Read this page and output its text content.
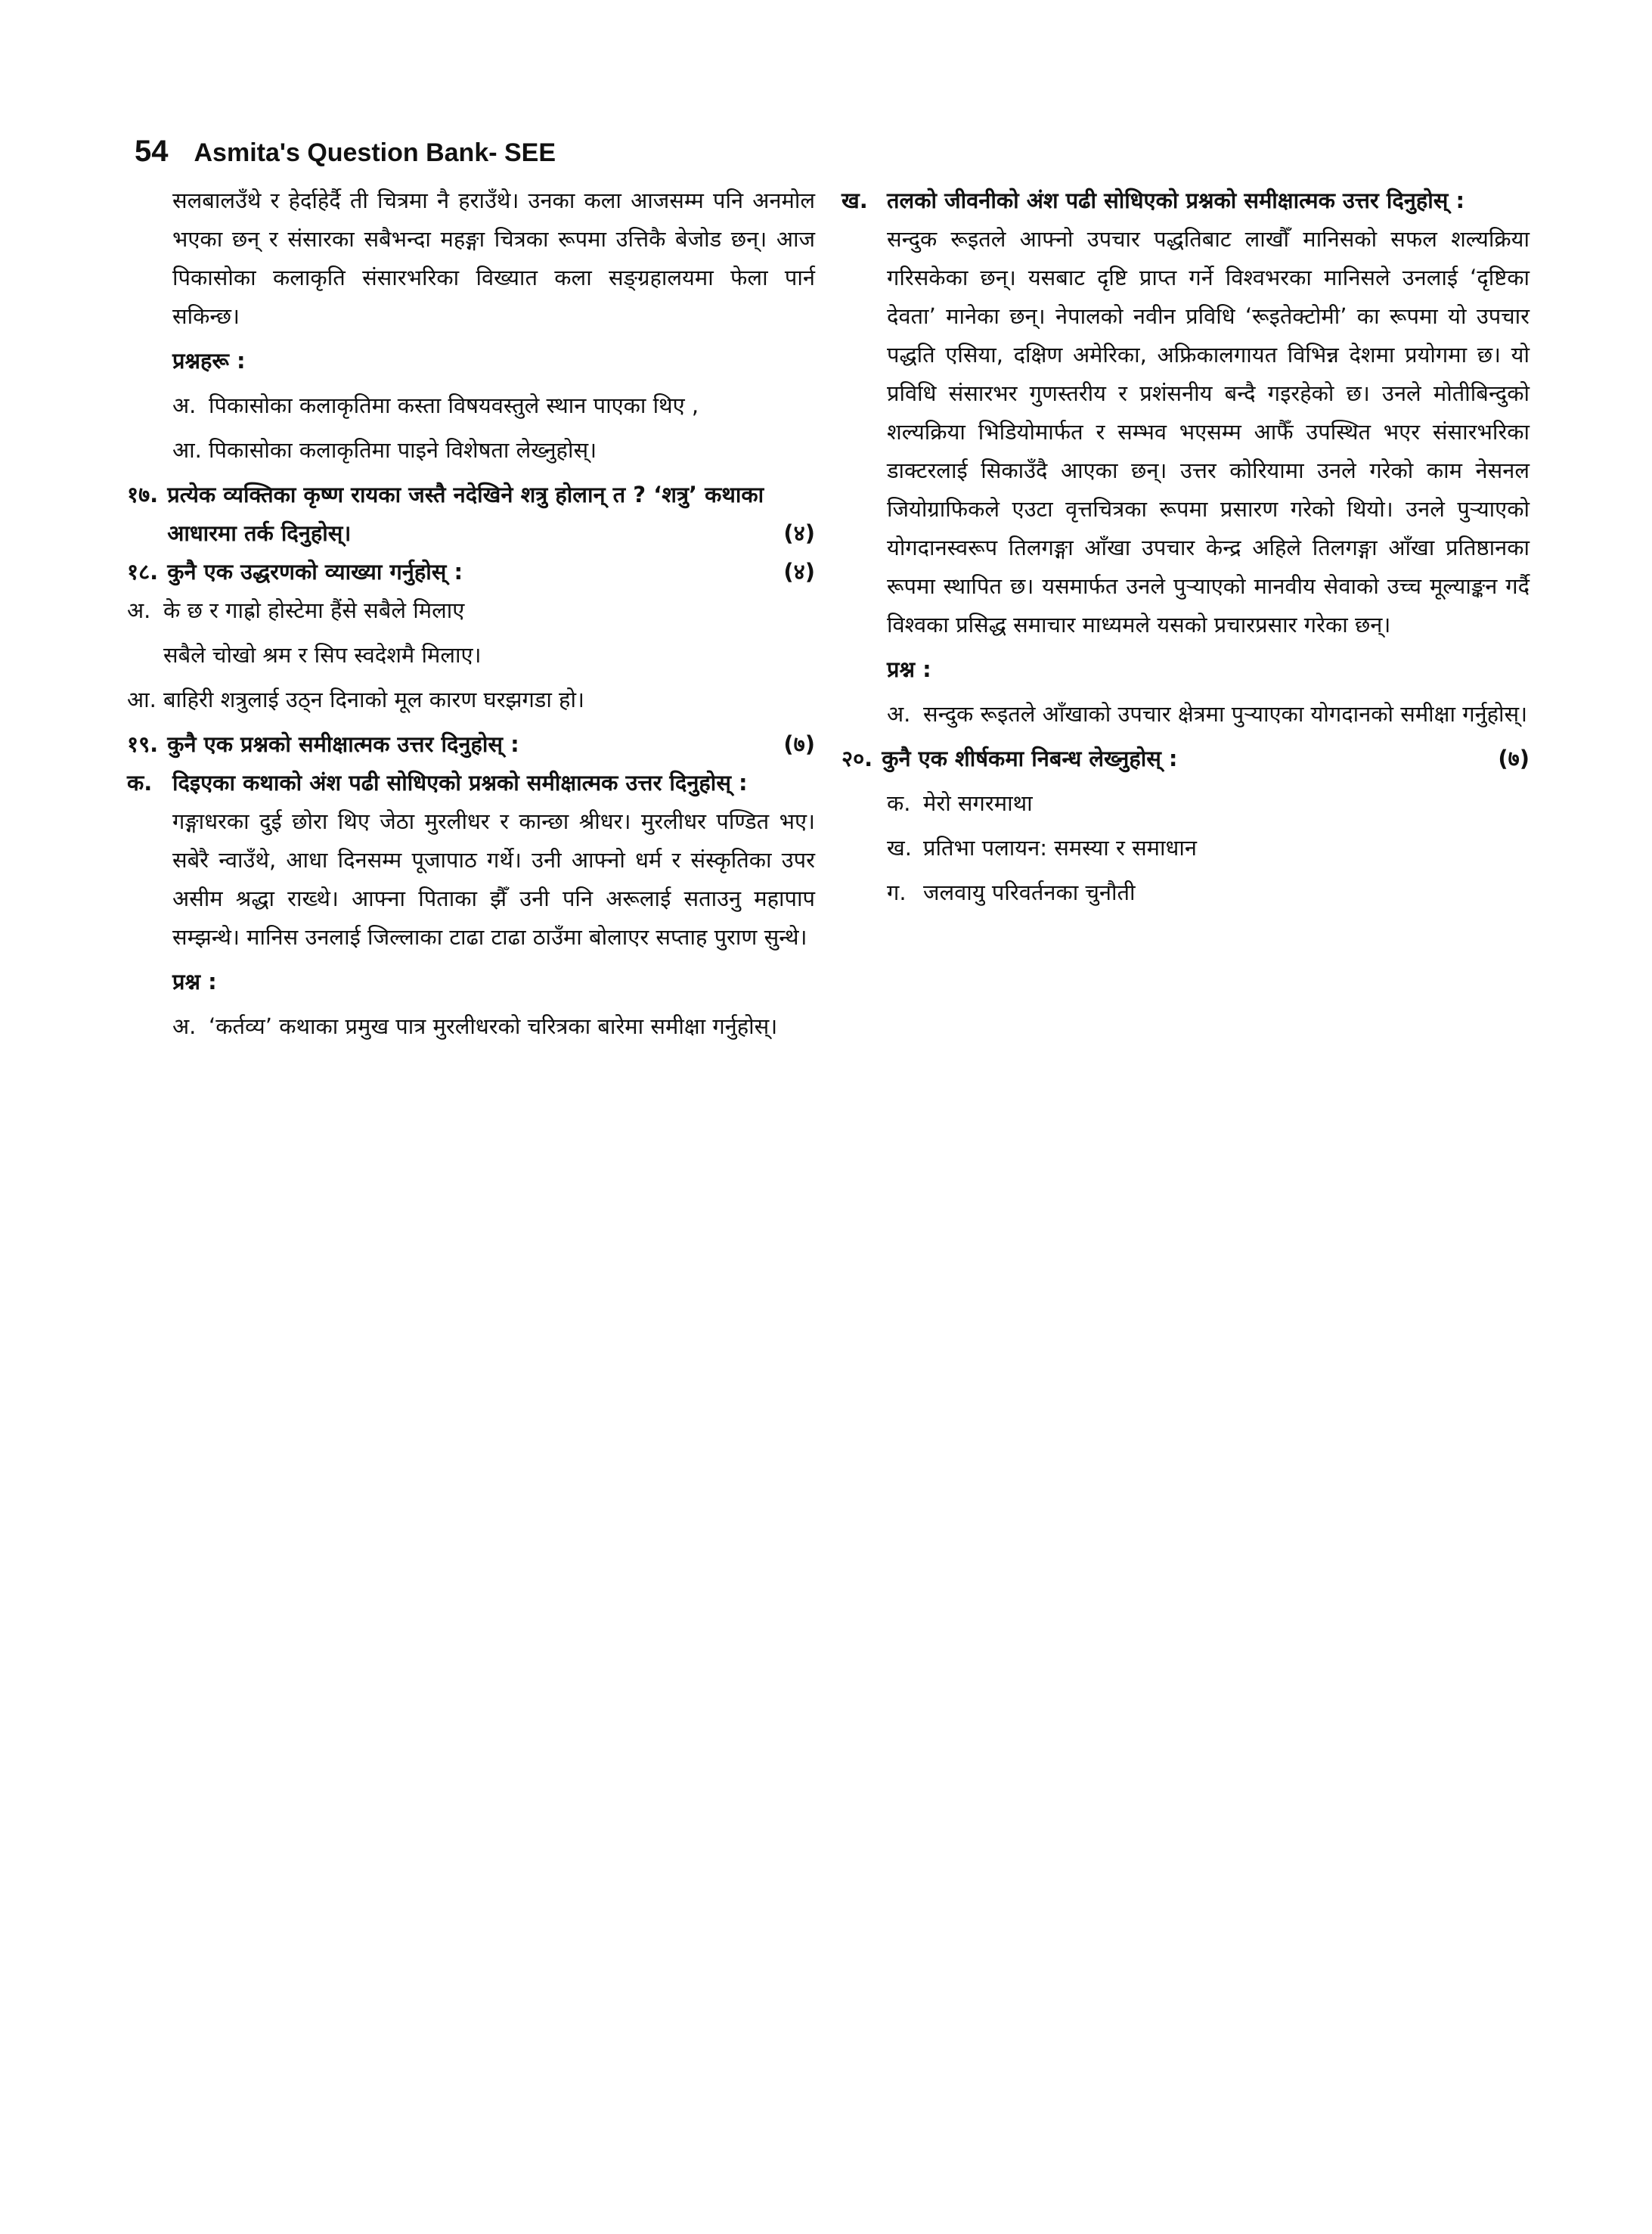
54 Asmita's Question Bank- SEE

सलबालउँथे र हेर्दाहेर्दै ती चित्रमा नै हराउँथे। उनका कला आजसम्म पनि अनमोल भएका छन् र संसारका सबैभन्दा महङ्गा चित्रका रूपमा उत्तिकै बेजोड छन्। आज पिकासोका कलाकृति संसारभरिका विख्यात कला सङ्ग्रहालयमा फेला पार्न सकिन्छ।

प्रश्नहरू :
अ. पिकासोका कलाकृतिमा कस्ता विषयवस्तुले स्थान पाएका थिए ,
आ. पिकासोका कलाकृतिमा पाइने विशेषता लेख्नुहोस्।
१७. प्रत्येक व्यक्तिका कृष्ण रायका जस्तै नदेखिने शत्रु होलान् त ? ‘शत्रु’ कथाका आधारमा तर्क दिनुहोस्।	(४)
१८. कुनै एक उद्धरणको व्याख्या गर्नुहोस् :	(४)
अ. के छ र गाह्रो होस्टेमा हैंसे सबैले मिलाए
सबैले चोखो श्रम र सिप स्वदेशमै मिलाए।
आ. बाहिरी शत्रुलाई उठ्न दिनाको मूल कारण घरझगडा हो।
१९. कुनै एक प्रश्नको समीक्षात्मक उत्तर दिनुहोस् :	(७)
क. दिइएका कथाको अंश पढी सोधिएको प्रश्नको समीक्षात्मक उत्तर दिनुहोस् :

गङ्गाधरका दुई छोरा थिए जेठा मुरलीधर र कान्छा श्रीधर। मुरलीधर पण्डित भए। सबेरै न्वाउँथे, आधा दिनसम्म पूजापाठ गर्थे। उनी आफ्नो धर्म र संस्कृतिका उपर असीम श्रद्धा राख्थे। आफ्ना पिताका झैँ उनी पनि अरूलाई सताउनु महापाप सम्झन्थे। मानिस उनलाई जिल्लाका टाढा टाढा ठाउँमा बोलाएर सप्ताह पुराण सुन्थे।

प्रश्न :
अ. ‘कर्तव्य’ कथाका प्रमुख पात्र मुरलीधरको चरित्रका बारेमा समीक्षा गर्नुहोस्।
ख. तलको जीवनीको अंश पढी सोधिएको प्रश्नको समीक्षात्मक उत्तर दिनुहोस् :

सन्दुक रूइतले आफ्नो उपचार पद्धतिबाट लाखौँ मानिसको सफल शल्यक्रिया गरिसकेका छन्। यसबाट दृष्टि प्राप्त गर्ने विश्वभरका मानिसले उनलाई ‘दृष्टिका देवता’ मानेका छन्। नेपालको नवीन प्रविधि ‘रूइतेक्टोमी’ का रूपमा यो उपचार पद्धति एसिया, दक्षिण अमेरिका, अफ्रिकालगायत विभिन्न देशमा प्रयोगमा छ। यो प्रविधि संसारभर गुणस्तरीय र प्रशंसनीय बन्दै गइरहेको छ। उनले मोतीबिन्दुको शल्यक्रिया भिडियोमार्फत र सम्भव भएसम्म आफैँ उपस्थित भएर संसारभरिका डाक्टरलाई सिकाउँदै आएका छन्। उत्तर कोरियामा उनले गरेको काम नेसनल जियोग्राफिकले एउटा वृत्तचित्रका रूपमा प्रसारण गरेको थियो। उनले पुऱ्याएको योगदानस्वरूप तिलगङ्गा आँखा उपचार केन्द्र अहिले तिलगङ्गा आँखा प्रतिष्ठानका रूपमा स्थापित छ। यसमार्फत उनले पुऱ्याएको मानवीय सेवाको उच्च मूल्याङ्कन गर्दै विश्वका प्रसिद्ध समाचार माध्यमले यसको प्रचारप्रसार गरेका छन्।

प्रश्न :
अ. सन्दुक रूइतले आँखाको उपचार क्षेत्रमा पुऱ्याएका योगदानको समीक्षा गर्नुहोस्।
२०. कुनै एक शीर्षकमा निबन्ध लेख्नुहोस् :	(७)
क. मेरो सगरमाथा
ख. प्रतिभा पलायन: समस्या र समाधान
ग. जलवायु परिवर्तनका चुनौती
